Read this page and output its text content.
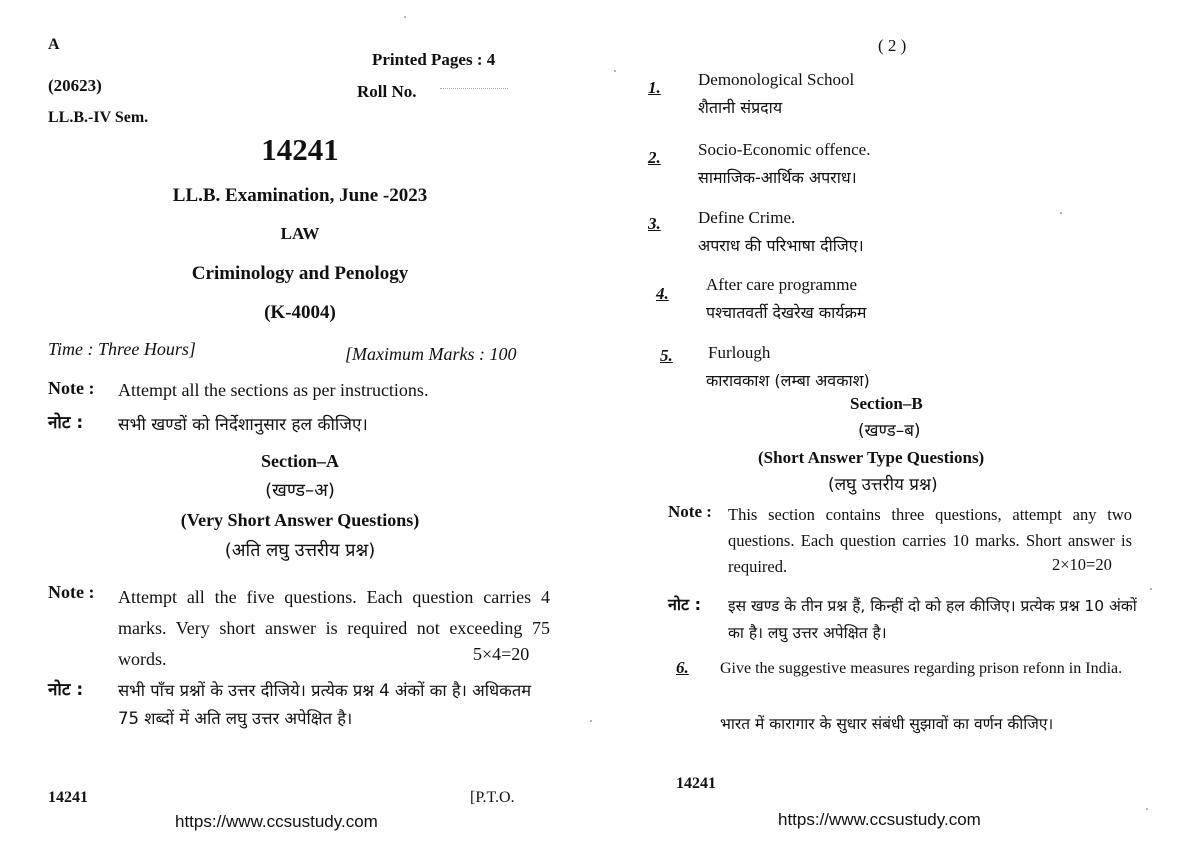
A
Printed Pages : 4
(20623)	Roll No.
LL.B.-IV Sem.
14241
LL.B. Examination, June -2023
LAW
Criminology and Penology
(K-4004)
Time : Three Hours]	[Maximum Marks : 100
Note : Attempt all the sections as per instructions.
नोट : सभी खण्डों को निर्देशानुसार हल कीजिए।
Section–A
(खण्ड–अ)
(Very Short Answer Questions)
(अति लघु उत्तरीय प्रश्न)
Note : Attempt all the five questions. Each question carries 4 marks. Very short answer is required not exceeding 75 words.	5×4=20
नोट : सभी पाँच प्रश्नों के उत्तर दीजिये। प्रत्येक प्रश्न 4 अंकों का है। अधिकतम 75 शब्दों में अति लघु उत्तर अपेक्षित है।
14241	[P.T.O.
https://www.ccsustudy.com
( 2 )
1. Demonological School
शैतानी संप्रदाय
2. Socio-Economic offence.
सामाजिक-आर्थिक अपराध।
3. Define Crime.
अपराध की परिभाषा दीजिए।
4. After care programme
पश्चातवर्ती देखरेख कार्यक्रम
5. Furlough
कारावकाश (लम्बा अवकाश)
Section–B
(खण्ड–ब)
(Short Answer Type Questions)
(लघु उत्तरीय प्रश्न)
Note : This section contains three questions, attempt any two questions. Each question carries 10 marks. Short answer is required.	2×10=20
नोट : इस खण्ड के तीन प्रश्न हैं, किन्हीं दो को हल कीजिए। प्रत्येक प्रश्न 10 अंकों का है। लघु उत्तर अपेक्षित है।
6. Give the suggestive measures regarding prison refonn in India.
भारत में कारागार के सुधार संबंधी सुझावों का वर्णन कीजिए।
14241
https://www.ccsustudy.com
